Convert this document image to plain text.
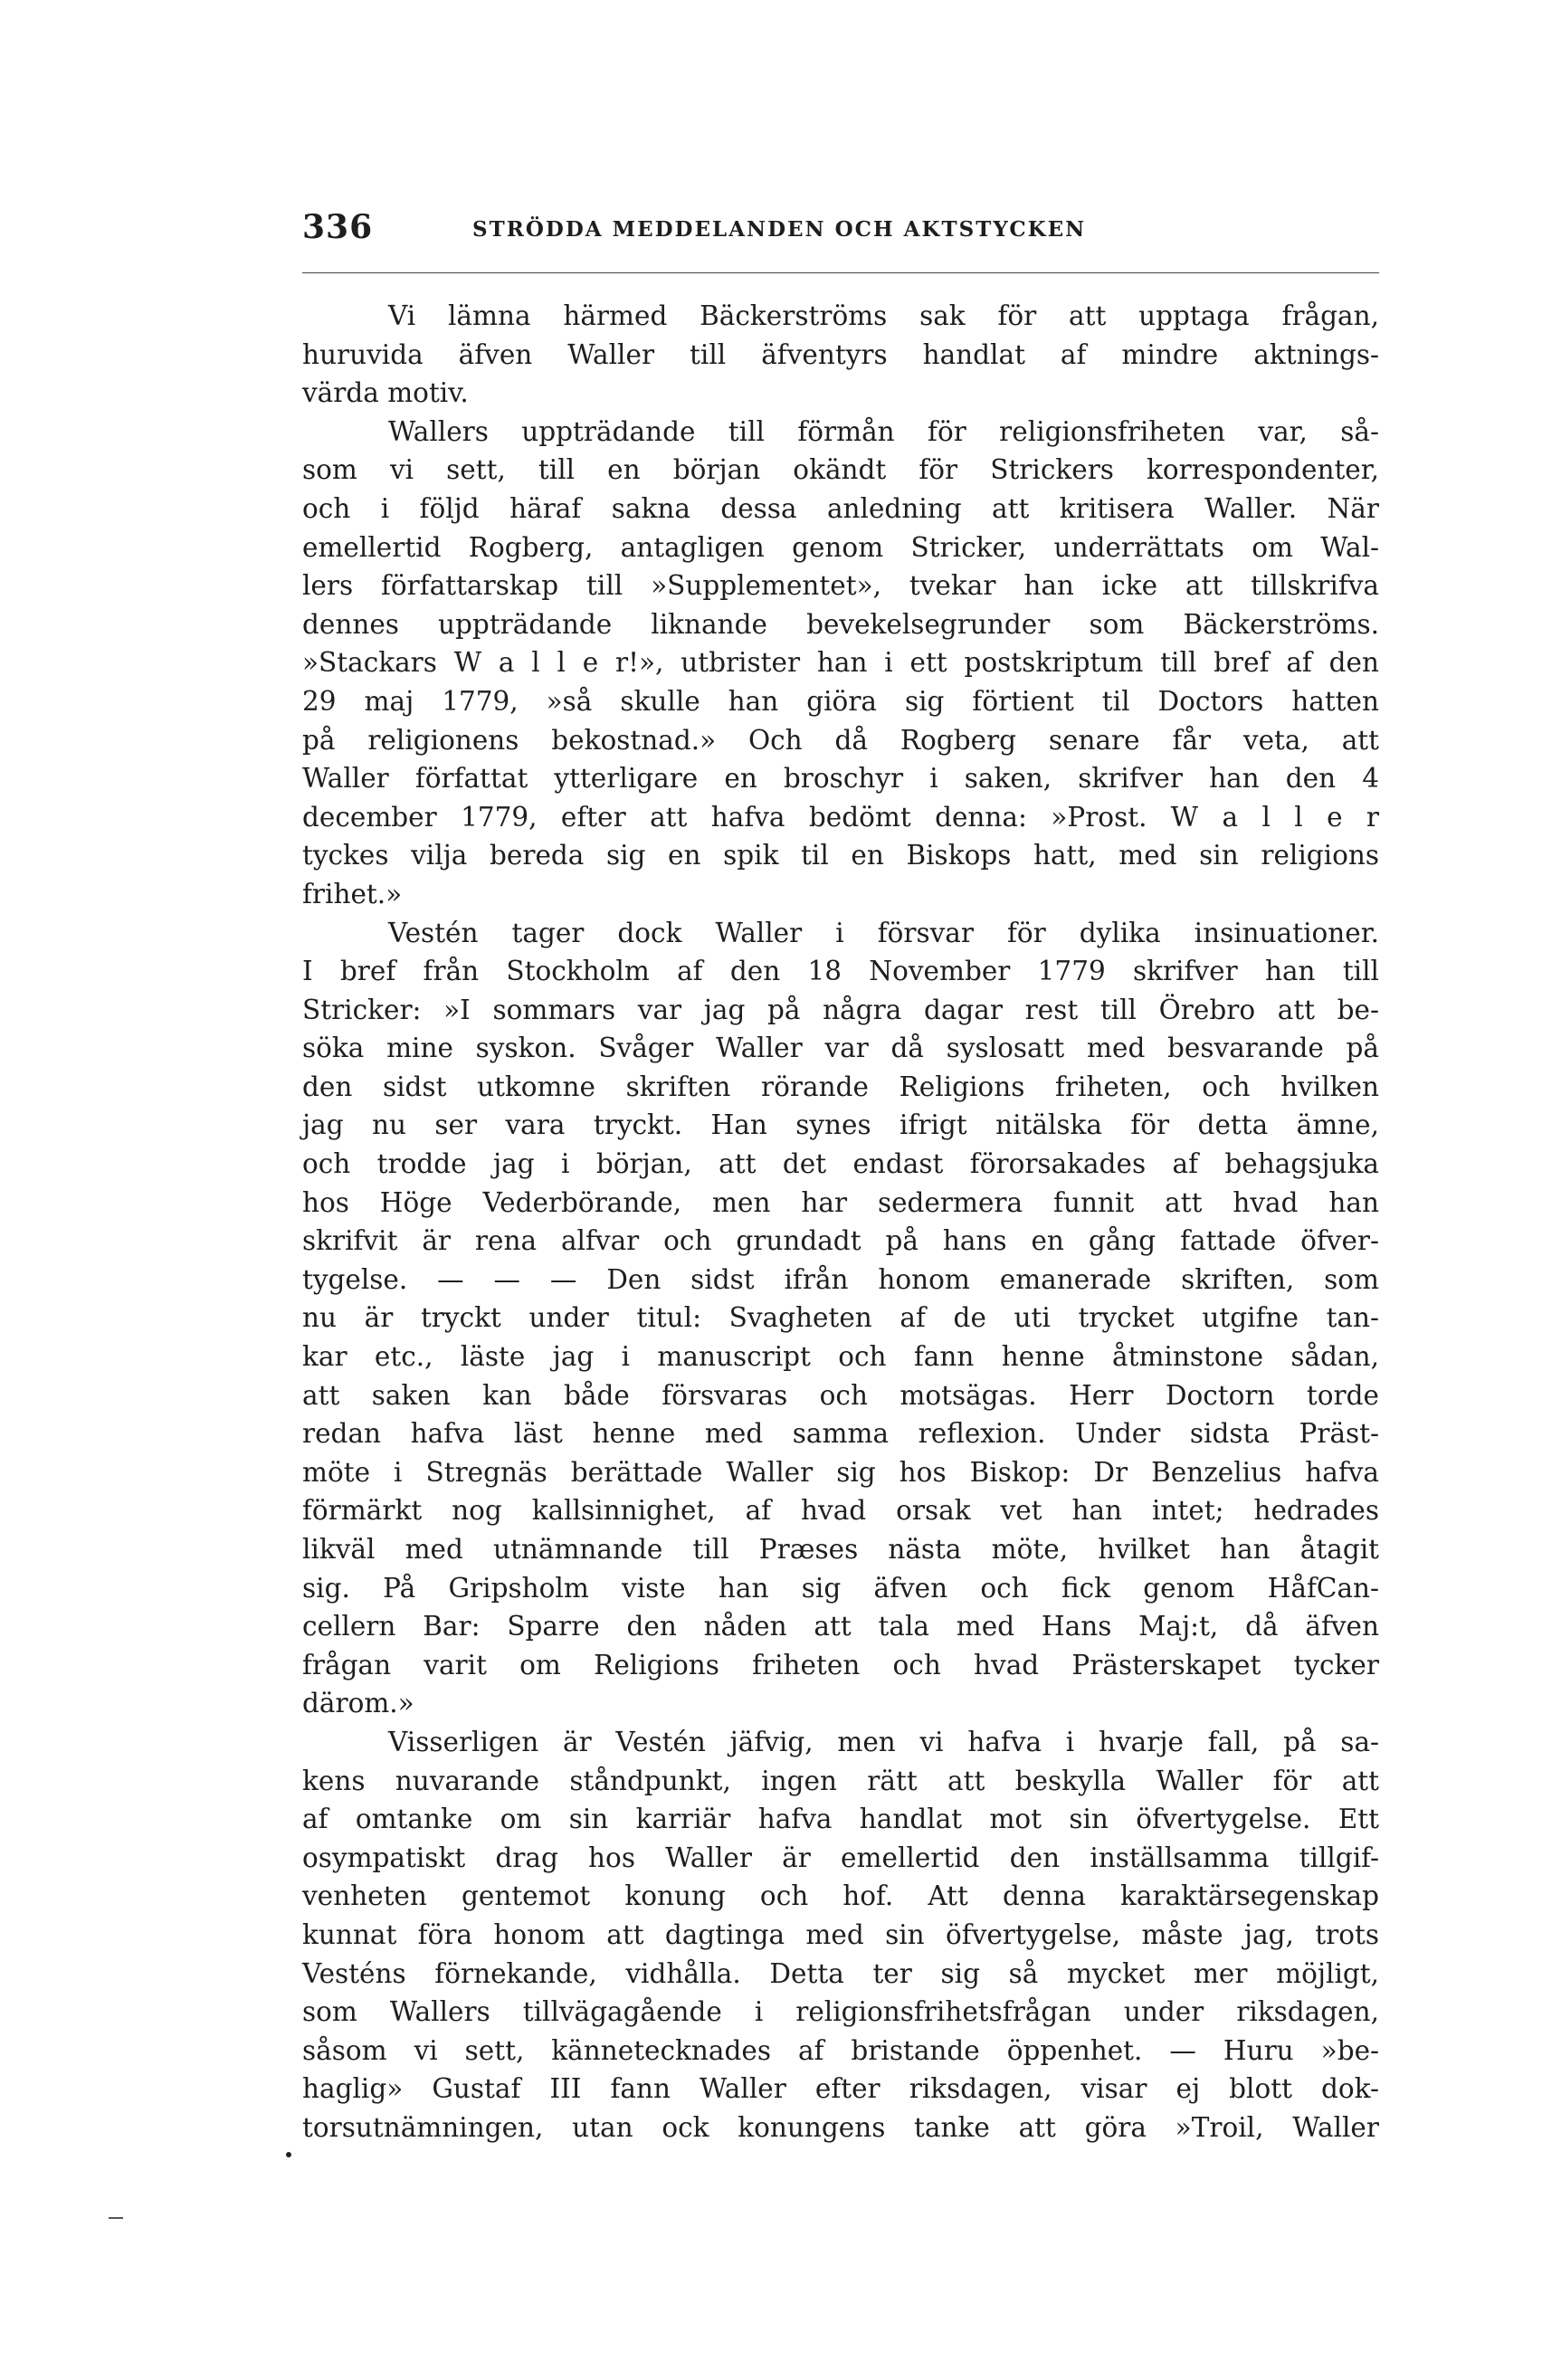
336	STRÖDDA MEDDELANDEN OCH AKTSTYCKEN

Vi lämna härmed Bäckerströms sak för att upptaga frågan,
huruvida äfven Waller till äfventyrs handlat af mindre aktnings-
värda motiv.

Wallers uppträdande till förmån för religionsfriheten var, så-
som vi sett, till en början okändt för Strickers korrespondenter,
och i följd häraf sakna dessa anledning att kritisera Waller. När
emellertid Rogberg, antagligen genom Stricker, underrättats om Wal-
lers författarskap till »Supplementet», tvekar han icke att tillskrifva
dennes uppträdande liknande bevekelsegrunder som Bäckerströms.
»Stackars W a l l e r!», utbrister han i ett postskriptum till bref af den
29 maj 1779, »så skulle han giöra sig förtient til Doctors hatten
på religionens bekostnad.» Och då Rogberg senare får veta, att
Waller författat ytterligare en broschyr i saken, skrifver han den 4
december 1779, efter att hafva bedömt denna: »Prost. W a l l e r
tyckes vilja bereda sig en spik til en Biskops hatt, med sin religions
frihet.»

Vestén tager dock Waller i försvar för dylika insinuationer.
I bref från Stockholm af den 18 November 1779 skrifver han till
Stricker: »I sommars var jag på några dagar rest till Örebro att be-
söka mine syskon. Svåger Waller var då syslosatt med besvarande på
den sidst utkomne skriften rörande Religions friheten, och hvilken
jag nu ser vara tryckt. Han synes ifrigt nitälska för detta ämne,
och trodde jag i början, att det endast förorsakades af behagsjuka
hos Höge Vederbörande, men har sedermera funnit att hvad han
skrifvit är rena alfvar och grundadt på hans en gång fattade öfver-
tygelse. — — — Den sidst ifrån honom emanerade skriften, som
nu är tryckt under titul: Svagheten af de uti trycket utgifne tan-
kar etc., läste jag i manuscript och fann henne åtminstone sådan,
att saken kan både försvaras och motsägas. Herr Doctorn torde
redan hafva läst henne med samma reflexion. Under sidsta Präst-
möte i Stregnäs berättade Waller sig hos Biskop: Dr Benzelius hafva
förmärkt nog kallsinnighet, af hvad orsak vet han intet; hedrades
likväl med utnämnande till Præses nästa möte, hvilket han åtagit
sig. På Gripsholm viste han sig äfven och fick genom HåfCan-
cellern Bar: Sparre den nåden att tala med Hans Maj:t, då äfven
frågan varit om Religions friheten och hvad Prästerskapet tycker
därom.»

Visserligen är Vestén jäfvig, men vi hafva i hvarje fall, på sa-
kens nuvarande ståndpunkt, ingen rätt att beskylla Waller för att
af omtanke om sin karriär hafva handlat mot sin öfvertygelse. Ett
osympatiskt drag hos Waller är emellertid den inställsamma tillgif-
venheten gentemot konung och hof. Att denna karaktärsegenskap
kunnat föra honom att dagtinga med sin öfvertygelse, måste jag, trots
Vesténs förnekande, vidhålla. Detta ter sig så mycket mer möjligt,
som Wallers tillvägagående i religionsfrihetsfrågan under riksdagen,
såsom vi sett, kännetecknades af bristande öppenhet. — Huru »be-
haglig» Gustaf III fann Waller efter riksdagen, visar ej blott dok-
torsutnämningen, utan ock konungens tanke att göra »Troil, Waller
